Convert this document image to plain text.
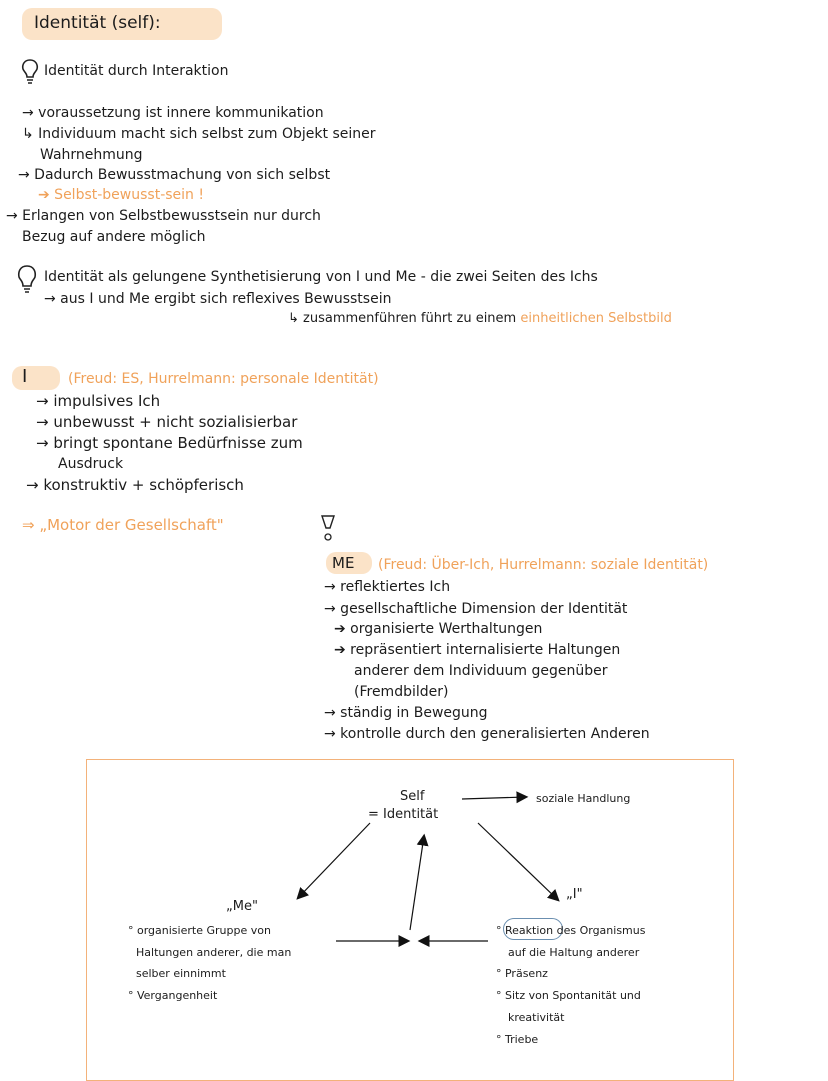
Identität (self):
Identität durch Interaktion
→ voraussetzung ist innere kommunikation
↳ Individuum macht sich selbst zum Objekt seiner
Wahrnehmung
→ Dadurch Bewusstmachung von sich selbst
➔ Selbst-bewusst-sein !
→ Erlangen von Selbstbewusstsein nur durch
Bezug auf andere möglich
Identität als gelungene Synthetisierung von I und Me - die zwei Seiten des Ichs
→ aus I und Me ergibt sich reflexives Bewusstsein
↳ zusammenführen führt zu einem einheitlichen Selbstbild
I	(Freud: ES, Hurrelmann: personale Identität)
→ impulsives Ich
→ unbewusst + nicht sozialisierbar
→ bringt spontane Bedürfnisse zum
Ausdruck
→ konstruktiv + schöpferisch
⇒ „Motor der Gesellschaft"
ME (Freud: Über-Ich, Hurrelmann: soziale Identität)
→ reflektiertes Ich
→ gesellschaftliche Dimension der Identität
➔ organisierte Werthaltungen
➔ repräsentiert internalisierte Haltungen
anderer dem Individuum gegenüber
(Fremdbilder)
→ ständig in Bewegung
→ kontrolle durch den generalisierten Anderen
Self
= Identität
soziale Handlung
„Me"
° organisierte Gruppe von
Haltungen anderer, die man
selber einnimmt
° Vergangenheit
„I"
° Reaktion des Organismus
auf die Haltung anderer
° Präsenz
° Sitz von Spontanität und
kreativität
° Triebe
